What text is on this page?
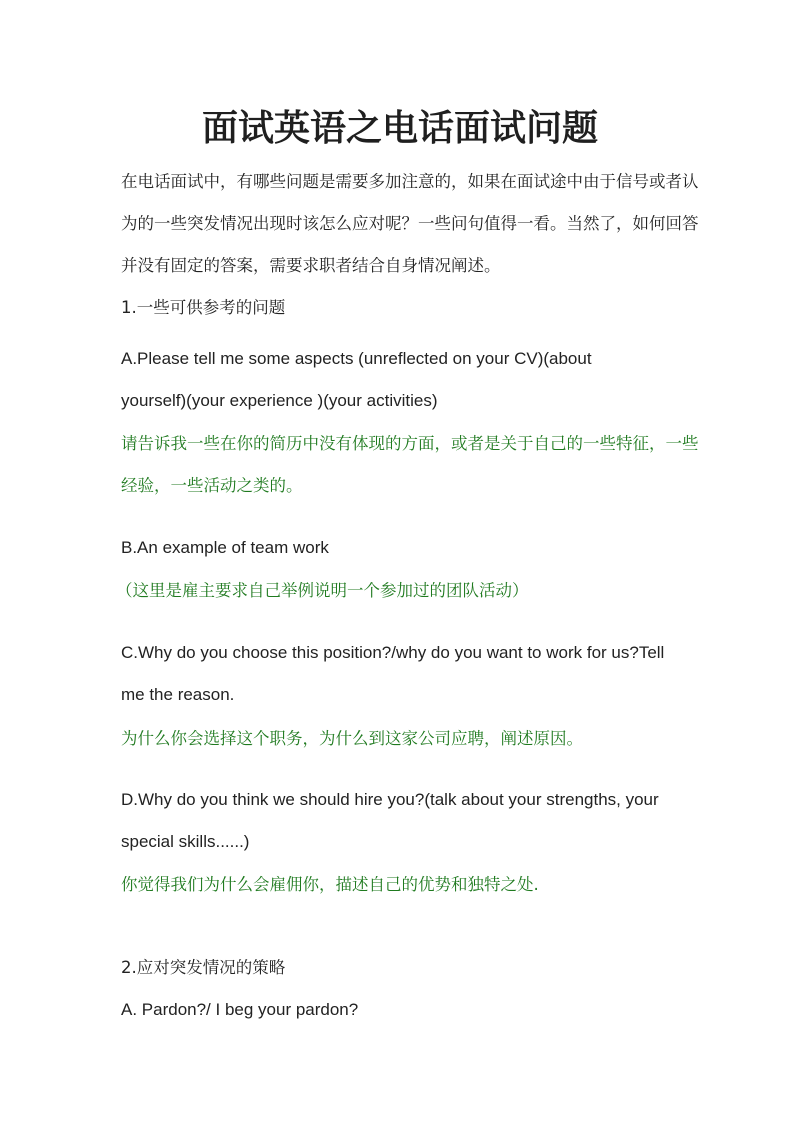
面试英语之电话面试问题
在电话面试中，有哪些问题是需要多加注意的，如果在面试途中由于信号或者认
为的一些突发情况出现时该怎么应对呢？一些问句值得一看。当然了，如何回答
并没有固定的答案，需要求职者结合自身情况阐述。
1.一些可供参考的问题
A.Please tell me some aspects (unreflected on your CV)(about
yourself)(your experience )(your activities)
请告诉我一些在你的简历中没有体现的方面，或者是关于自己的一些特征，一些
经验，一些活动之类的。
B.An example of team work
（这里是雇主要求自己举例说明一个参加过的团队活动）
C.Why do you choose this position?/why do you want to work for us?Tell
me the reason.
为什么你会选择这个职务，为什么到这家公司应聘，阐述原因。
D.Why do you think we should hire you?(talk about your strengths, your
special skills......)
你觉得我们为什么会雇佣你，描述自己的优势和独特之处.
2.应对突发情况的策略
A. Pardon?/ I beg your pardon?
